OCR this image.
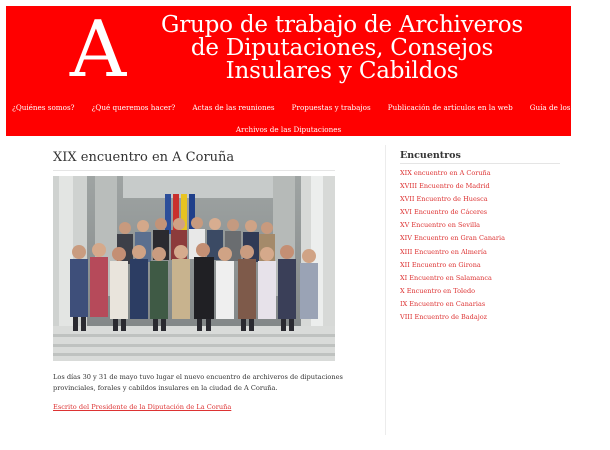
A	Grupo de trabajo de Archiveros
de Diputaciones, Consejos
Insulares y Cabildos
¿Quiénes somos? ¿Qué queremos hacer? Actas de las reuniones Propuestas y trabajos Publicación de artículos en la web Guía de los Archivos
Archivos de las Diputaciones
XIX encuentro en A Coruña

Los días 30 y 31 de mayo tuvo lugar el nuevo encuentro de archiveros de diputaciones provinciales, forales y cabildos insulares en la ciudad de A Coruña.

Escrito del Presidente de la Diputación de La Coruña
Encuentros
XIX encuentro en A Coruña
XVIII Encuentro de Madrid
XVII Encuentro de Huesca
XVI Encuentro de Cáceres
XV Encuentro en Sevilla
XIV Encuentro en Gran Canaria
XIII Encuentro en Almería
XII Encuentro en Girona
XI Encuentro en Salamanca
X Encuentro en Toledo
IX Encuentro en Canarias
VIII Encuentro de Badajoz
